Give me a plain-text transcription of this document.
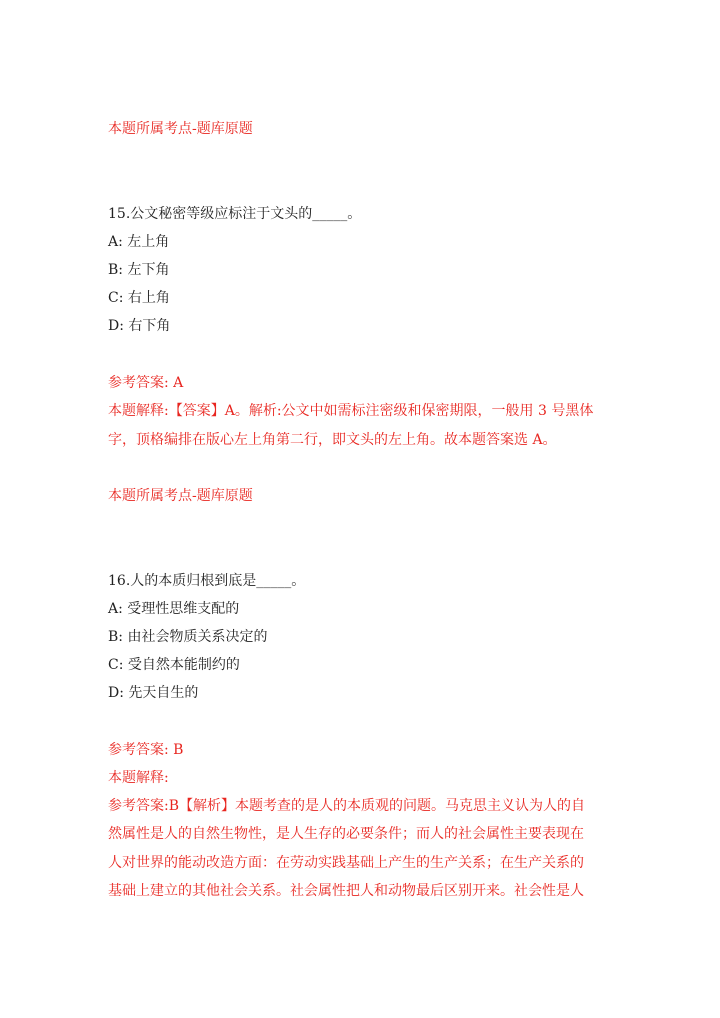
本题所属考点-题库原题
15.公文秘密等级应标注于文头的_____。
A: 左上角
B: 左下角
C: 右上角
D: 右下角
参考答案: A
本题解释:【答案】A。解析:公文中如需标注密级和保密期限，一般用 3 号黑体
字，顶格编排在版心左上角第二行，即文头的左上角。故本题答案选 A。
本题所属考点-题库原题
16.人的本质归根到底是_____。
A: 受理性思维支配的
B: 由社会物质关系决定的
C: 受自然本能制约的
D: 先天自生的
参考答案: B
本题解释:
参考答案:B【解析】本题考查的是人的本质观的问题。马克思主义认为人的自
然属性是人的自然生物性，是人生存的必要条件；而人的社会属性主要表现在
人对世界的能动改造方面：在劳动实践基础上产生的生产关系；在生产关系的
基础上建立的其他社会关系。社会属性把人和动物最后区别开来。社会性是人
